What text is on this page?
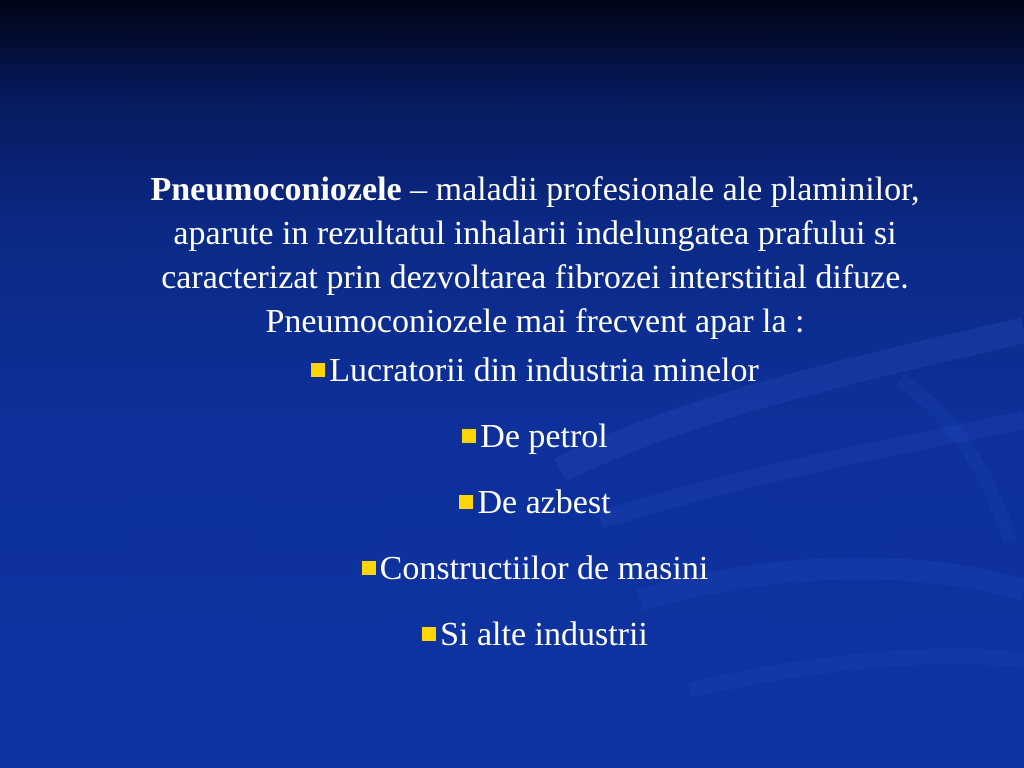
Pneumoconiozele – maladii profesionale ale plaminilor, aparute in rezultatul inhalarii indelungatea prafului si caracterizat prin dezvoltarea fibrozei interstitial difuze. Pneumoconiozele mai frecvent apar la :

Lucratorii din industria minelor
De petrol
De azbest
Constructiilor de masini
Si alte industrii
